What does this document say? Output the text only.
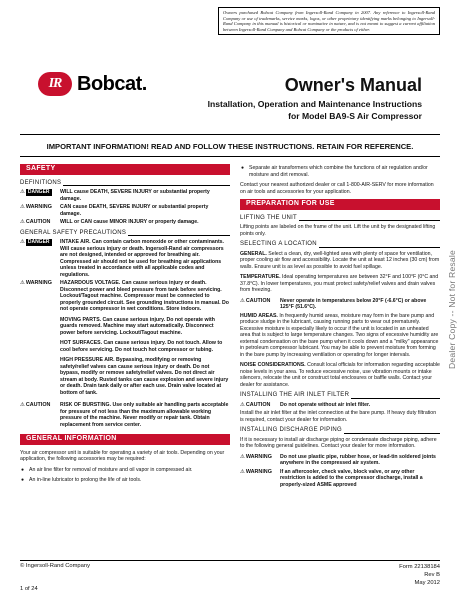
Owners purchased Bobcat Company from Ingersoll-Rand Company in 2007. Any reference to Ingersoll-Rand Company or use of trademarks, service marks, logos, or other proprietary identifying marks belonging to Ingersoll-Rand Company in this manual is historical or nominative in nature, and is not meant to suggest a current affiliation between Ingersoll-Rand Company and Bobcat Company or the products of either.
IR Bobcat.	Owner's Manual
Installation, Operation and Maintenance Instructions
for Model BA9-S Air Compressor
IMPORTANT INFORMATION! READ AND FOLLOW THESE INSTRUCTIONS. RETAIN FOR REFERENCE.
SAFETY
DEFINITIONS
⚠ DANGER	WILL cause DEATH, SEVERE INJURY or substantial property damage.
⚠WARNING	CAN cause DEATH, SEVERE INJURY or substantial property damage.
⚠CAUTION	WILL or CAN cause MINOR INJURY or property damage.
GENERAL SAFETY PRECAUTIONS
⚠ DANGER	INTAKE AIR. Can contain carbon monoxide or other contaminants. Will cause serious injury or death. Ingersoll-Rand air compressors are not designed, intended or approved for breathing air. Compressed air should not be used for breathing air applications unless treated in accordance with all applicable codes and regulations.
⚠WARNING	HAZARDOUS VOLTAGE. Can cause serious injury or death. Disconnect power and bleed pressure from tank before servicing. Lockout/Tagout machine. Compressor must be connected to properly grounded circuit. See grounding instructions in manual. Do not operate compressor in wet conditions. Store indoors.
MOVING PARTS. Can cause serious injury. Do not operate with guards removed. Machine may start automatically. Disconnect power before servicing. Lockout/Tagout machine.
HOT SURFACES. Can cause serious injury. Do not touch. Allow to cool before servicing. Do not touch hot compressor or tubing.
HIGH PRESSURE AIR. Bypassing, modifying or removing safety/relief valves can cause serious injury or death. Do not bypass, modify or remove safety/relief valves. Do not direct air stream at body. Rusted tanks can cause explosion and severe injury or death. Drain tank daily or after each use. Drain valve located at bottom of tank.
⚠CAUTION	RISK OF BURSTING. Use only suitable air handling parts acceptable for pressure of not less than the maximum allowable working pressure of the machine. Never modify or repair tank. Obtain replacement from service center.
GENERAL INFORMATION
Your air compressor unit is suitable for operating a variety of air tools. Depending on your application, the following accessories may be required:
● An air line filter for removal of moisture and oil vapor in compressed air.
● An in-line lubricator to prolong the life of air tools.
● Separate air transformers which combine the functions of air regulation and/or moisture and dirt removal.
Contact your nearest authorized dealer or call 1-800-AIR-SERV for more information on air tools and accessories for your application.
PREPARATION FOR USE
LIFTING THE UNIT
Lifting points are labeled on the frame of the unit. Lift the unit by the designated lifting points only.
SELECTING A LOCATION
GENERAL. Select a clean, dry, well-lighted area with plenty of space for ventilation, proper cooling air flow and accessibility. Locate the unit at least 12 inches (30 cm) from walls. Ensure unit is as level as possible to avoid fuel spillage.
TEMPERATURE. Ideal operating temperatures are between 32°F and 100°F (0°C and 37.8°C). In lower temperatures, you must protect safety/relief valves and drain valves from freezing.
⚠CAUTION	Never operate in temperatures below 20°F (-6.6°C) or above 125°F (51.6°C).
HUMID AREAS. In frequently humid areas, moisture may form in the bare pump and produce sludge in the lubricant, causing running parts to wear out prematurely. Excessive moisture is especially likely to occur if the unit is located in an unheated area that is subject to large temperature changes. Two signs of excessive humidity are external condensation on the bare pump when it cools down and a "milky" appearance in petroleum compressor lubricant. You may be able to prevent moisture from forming in the bare pump by increasing ventilation or operating for longer intervals.
NOISE CONSIDERATIONS. Consult local officials for information regarding acceptable noise levels in your area. To reduce excessive noise, use vibration mounts or intake silencers, relocate the unit or construct total enclosures or baffle walls. Contact your dealer for assistance.
INSTALLING THE AIR INLET FILTER
⚠CAUTION	Do not operate without air inlet filter.
Install the air inlet filter at the inlet connection at the bare pump. If heavy duty filtration is required, contact your dealer for information.
INSTALLING DISCHARGE PIPING
If it is necessary to install air discharge piping or condensate discharge piping, adhere to the following general guidelines. Contact your dealer for more information.
⚠WARNING	Do not use plastic pipe, rubber hose, or lead-tin soldered joints anywhere in the compressed air system.
⚠WARNING	If an aftercooler, check valve, block valve, or any other restriction is added to the compressor discharge, install a properly-sized ASME approved
Dealer Copy -- Not for Resale
© Ingersoll-Rand Company
1 of 24
Form 22138184
Rev B
May 2012
